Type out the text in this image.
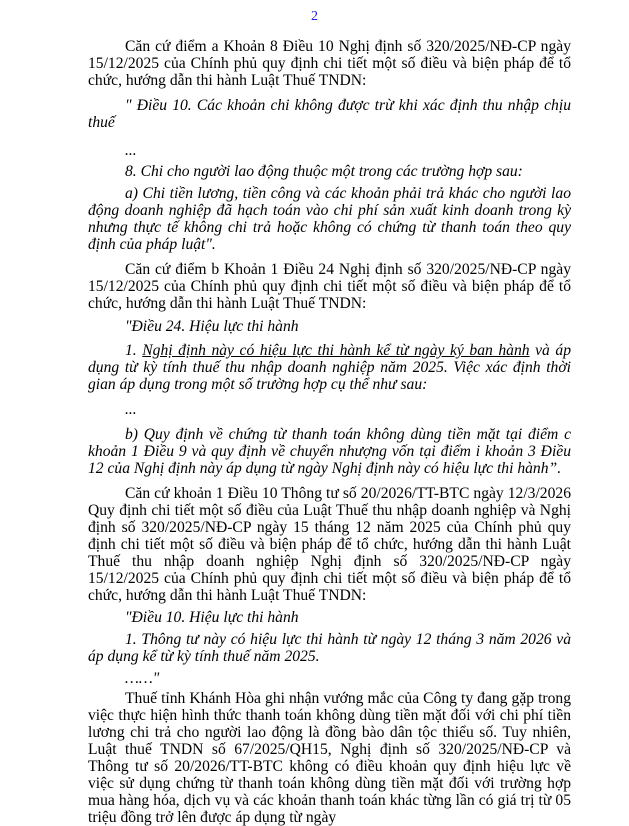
2

Căn cứ điểm a Khoản 8 Điều 10 Nghị định số 320/2025/NĐ-CP ngày 15/12/2025 của Chính phủ quy định chi tiết một số điều và biện pháp để tổ chức, hướng dẫn thi hành Luật Thuế TNDN:

" Điều 10. Các khoản chi không được trừ khi xác định thu nhập chịu thuế

...

8. Chi cho người lao động thuộc một trong các trường hợp sau:

a) Chi tiền lương, tiền công và các khoản phải trả khác cho người lao động doanh nghiệp đã hạch toán vào chi phí sản xuất kinh doanh trong kỳ nhưng thực tế không chi trả hoặc không có chứng từ thanh toán theo quy định của pháp luật".

Căn cứ điểm b Khoản 1 Điều 24 Nghị định số 320/2025/NĐ-CP ngày 15/12/2025 của Chính phủ quy định chi tiết một số điều và biện pháp để tổ chức, hướng dẫn thi hành Luật Thuế TNDN:

"Điều 24. Hiệu lực thi hành

1. Nghị định này có hiệu lực thi hành kể từ ngày ký ban hành và áp dụng từ kỳ tính thuế thu nhập doanh nghiệp năm 2025. Việc xác định thời gian áp dụng trong một số trường hợp cụ thể như sau:

...

b) Quy định về chứng từ thanh toán không dùng tiền mặt tại điểm c khoản 1 Điều 9 và quy định về chuyển nhượng vốn tại điểm i khoản 3 Điều 12 của Nghị định này áp dụng từ ngày Nghị định này có hiệu lực thi hành”.

Căn cứ khoản 1 Điều 10 Thông tư số 20/2026/TT-BTC ngày 12/3/2026 Quy định chi tiết một số điều của Luật Thuế thu nhập doanh nghiệp và Nghị định số 320/2025/NĐ-CP ngày 15 tháng 12 năm 2025 của Chính phủ quy định chi tiết một số điều và biện pháp để tổ chức, hướng dẫn thi hành Luật Thuế thu nhập doanh nghiệp Nghị định số 320/2025/NĐ-CP ngày 15/12/2025 của Chính phủ quy định chi tiết một số điều và biện pháp để tổ chức, hướng dẫn thi hành Luật Thuế TNDN:

"Điều 10. Hiệu lực thi hành

1. Thông tư này có hiệu lực thi hành từ ngày 12 tháng 3 năm 2026 và áp dụng kể từ kỳ tính thuế năm 2025.

……"

Thuế tỉnh Khánh Hòa ghi nhận vướng mắc của Công ty đang gặp trong việc thực hiện hình thức thanh toán không dùng tiền mặt đối với chi phí tiền lương chi trả cho người lao động là đồng bào dân tộc thiểu số. Tuy nhiên, Luật thuế TNDN số 67/2025/QH15, Nghị định số 320/2025/NĐ-CP và Thông tư số 20/2026/TT-BTC không có điều khoản quy định hiệu lực về việc sử dụng chứng từ thanh toán không dùng tiền mặt đối với trường hợp mua hàng hóa, dịch vụ và các khoản thanh toán khác từng lần có giá trị từ 05 triệu đồng trở lên được áp dụng từ ngày
